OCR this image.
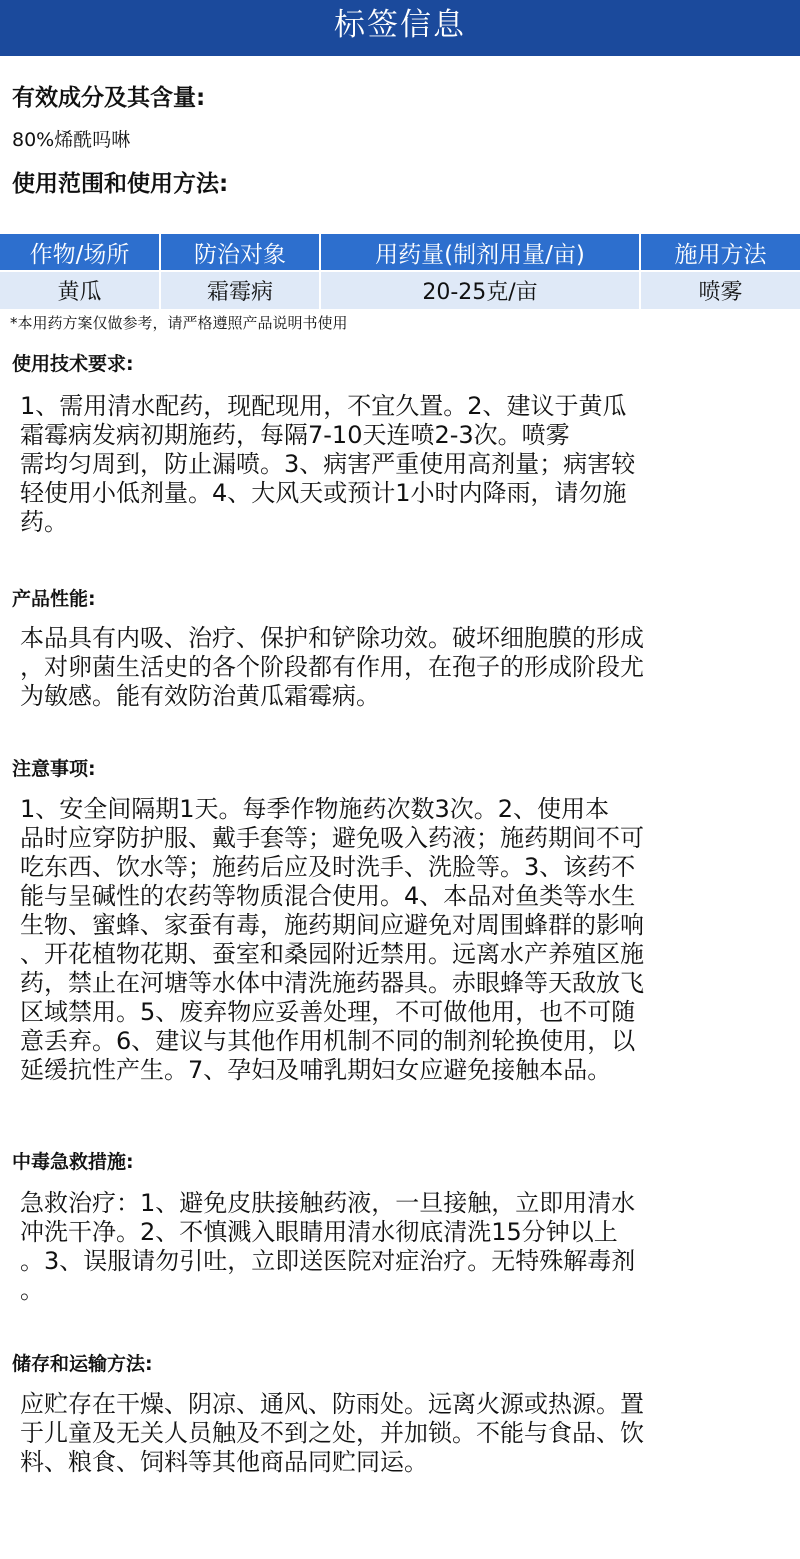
标签信息
有效成分及其含量:
80%烯酰吗啉
使用范围和使用方法:
作物/场所	防治对象	用药量(制剂用量/亩)	施用方法
黄瓜	霜霉病	20-25克/亩	喷雾
*本用药方案仅做参考，请严格遵照产品说明书使用
使用技术要求:

1、需用清水配药，现配现用，不宜久置。2、建议于黄瓜
霜霉病发病初期施药，每隔7-10天连喷2-3次。喷雾
需均匀周到，防止漏喷。3、病害严重使用高剂量；病害较
轻使用小低剂量。4、大风天或预计1小时内降雨，请勿施
药。

产品性能:

本品具有内吸、治疗、保护和铲除功效。破坏细胞膜的形成
，对卵菌生活史的各个阶段都有作用，在孢子的形成阶段尤
为敏感。能有效防治黄瓜霜霉病。

注意事项:

1、安全间隔期1天。每季作物施药次数3次。2、使用本
品时应穿防护服、戴手套等；避免吸入药液；施药期间不可
吃东西、饮水等；施药后应及时洗手、洗脸等。3、该药不
能与呈碱性的农药等物质混合使用。4、本品对鱼类等水生
生物、蜜蜂、家蚕有毒，施药期间应避免对周围蜂群的影响
、开花植物花期、蚕室和桑园附近禁用。远离水产养殖区施
药，禁止在河塘等水体中清洗施药器具。赤眼蜂等天敌放飞
区域禁用。5、废弃物应妥善处理，不可做他用，也不可随
意丢弃。6、建议与其他作用机制不同的制剂轮换使用，以
延缓抗性产生。7、孕妇及哺乳期妇女应避免接触本品。

中毒急救措施:

急救治疗：1、避免皮肤接触药液，一旦接触，立即用清水
冲洗干净。2、不慎溅入眼睛用清水彻底清洗15分钟以上
。3、误服请勿引吐，立即送医院对症治疗。无特殊解毒剂
。

储存和运输方法:

应贮存在干燥、阴凉、通风、防雨处。远离火源或热源。置
于儿童及无关人员触及不到之处，并加锁。不能与食品、饮
料、粮食、饲料等其他商品同贮同运。
